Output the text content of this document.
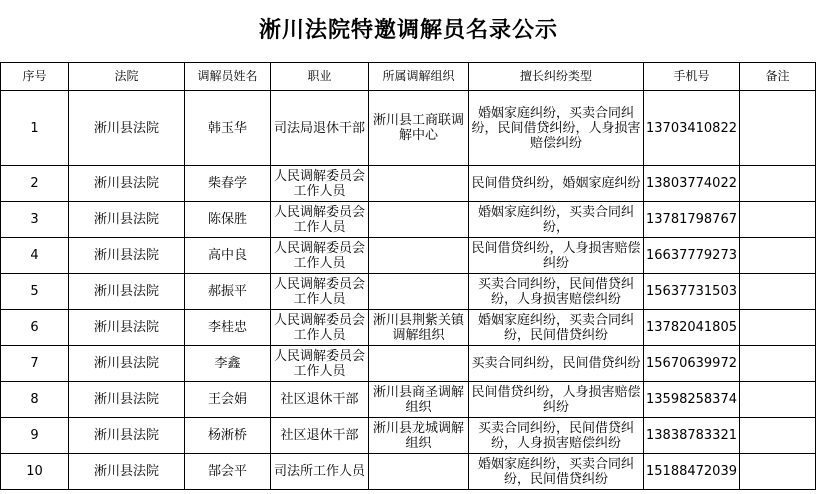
淅川法院特邀调解员名录公示
序号	法院	调解员姓名	职业	所属调解组织	擅长纠纷类型	手机号	备注
1	淅川县法院	韩玉华	司法局退休干部	淅川县工商联调解中心	婚姻家庭纠纷，买卖合同纠纷，民间借贷纠纷，人身损害赔偿纠纷	13703410822	
2	淅川县法院	柴春学	人民调解委员会工作人员		民间借贷纠纷，婚姻家庭纠纷	13803774022	
3	淅川县法院	陈保胜	人民调解委员会工作人员		婚姻家庭纠纷，买卖合同纠纷，	13781798767	
4	淅川县法院	高中良	人民调解委员会工作人员		民间借贷纠纷，人身损害赔偿纠纷	16637779273	
5	淅川县法院	郝振平	人民调解委员会工作人员		买卖合同纠纷，民间借贷纠纷，人身损害赔偿纠纷	15637731503	
6	淅川县法院	李桂忠	人民调解委员会工作人员	淅川县荆紫关镇调解组织	婚姻家庭纠纷，买卖合同纠纷，民间借贷纠纷	13782041805	
7	淅川县法院	李鑫	人民调解委员会工作人员		买卖合同纠纷，民间借贷纠纷	15670639972	
8	淅川县法院	王会娟	社区退休干部	淅川县商圣调解组织	民间借贷纠纷，人身损害赔偿纠纷	13598258374	
9	淅川县法院	杨淅桥	社区退休干部	淅川县龙城调解组织	买卖合同纠纷，民间借贷纠纷，人身损害赔偿纠纷	13838783321	
10	淅川县法院	郜会平	司法所工作人员		婚姻家庭纠纷，买卖合同纠纷，民间借贷纠纷	15188472039	
